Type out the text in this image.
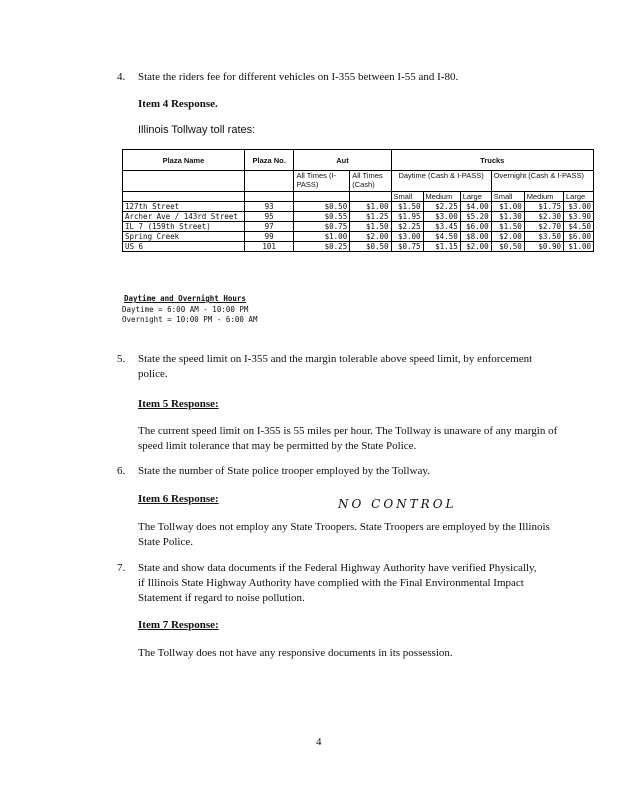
4. State the riders fee for different vehicles on I-355 between I-55 and I-80.
Item 4 Response.
Illinois Tollway toll rates:
Plaza Name	Plaza No.	Aut		Trucks					
		All Times (I-PASS)	All Times (Cash)	Daytime (Cash & I-PASS)			Overnight (Cash & I-PASS)		
				Small	Medium	Large	Small	Medium	Large
127th Street	93	$0.50	$1.00	$1.50	$2.25	$4.00	$1.00	$1.75	$3.00
Archer Ave / 143rd Street	95	$0.55	$1.25	$1.95	$3.00	$5.20	$1.30	$2.30	$3.90
IL 7 (159th Street)	97	$0.75	$1.50	$2.25	$3.45	$6.00	$1.50	$2.70	$4.50
Spring Creek	99	$1.00	$2.00	$3.00	$4.50	$8.00	$2.00	$3.50	$6.00
US 6	101	$0.25	$0.50	$0.75	$1.15	$2.00	$0.50	$0.90	$1.00
Daytime and Overnight Hours
Daytime = 6:00 AM - 10:00 PM
Overnight = 10:00 PM - 6:00 AM
5. State the speed limit on I-355 and the margin tolerable above speed limit, by enforcement police.
Item 5 Response:
The current speed limit on I-355 is 55 miles per hour. The Tollway is unaware of any margin of speed limit tolerance that may be permitted by the State Police.
6. State the number of State police trooper employed by the Tollway.
Item 6 Response:	NO CONTROL
The Tollway does not employ any State Troopers. State Troopers are employed by the Illinois State Police.
7. State and show data documents if the Federal Highway Authority have verified Physically, if Illinois State Highway Authority have complied with the Final Environmental Impact Statement if regard to noise pollution.
Item 7 Response:
The Tollway does not have any responsive documents in its possession.
4
